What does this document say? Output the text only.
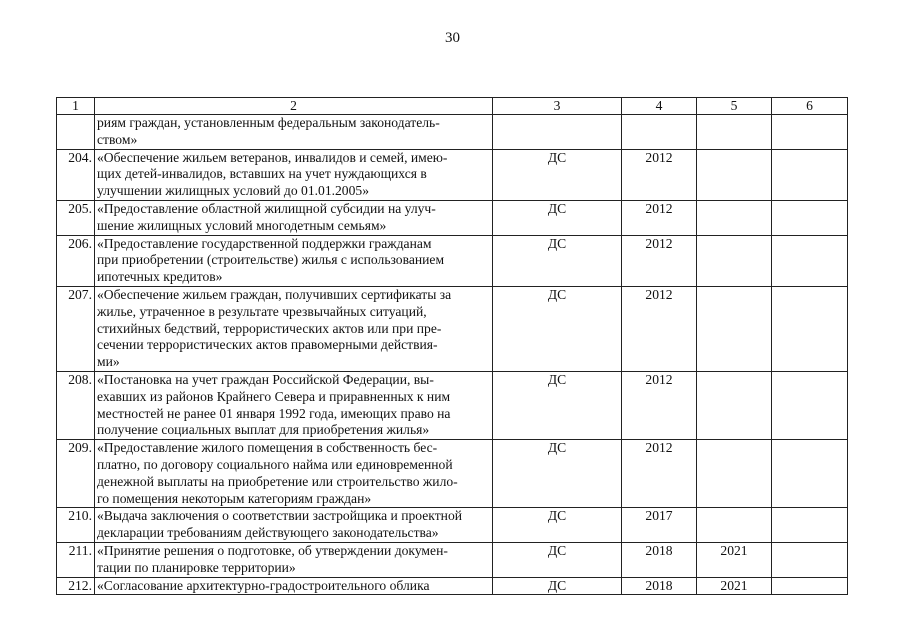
30
1	2	3	4	5	6
	риям граждан, установленным федеральным законодатель-
ством»				
204.	«Обеспечение жильем ветеранов, инвалидов и семей, имею-
щих детей-инвалидов, вставших на учет нуждающихся в
улучшении жилищных условий до 01.01.2005»	ДС	2012		
205.	«Предоставление областной жилищной субсидии на улуч-
шение жилищных условий многодетным семьям»	ДС	2012		
206.	«Предоставление государственной поддержки гражданам
при приобретении (строительстве) жилья с использованием
ипотечных кредитов»	ДС	2012		
207.	«Обеспечение жильем граждан, получивших сертификаты за
жилье, утраченное в результате чрезвычайных ситуаций,
стихийных бедствий, террористических актов или при пре-
сечении террористических актов правомерными действия-
ми»	ДС	2012		
208.	«Постановка на учет граждан Российской Федерации, вы-
ехавших из районов Крайнего Севера и приравненных к ним
местностей не ранее 01 января 1992 года, имеющих право на
получение социальных выплат для приобретения жилья»	ДС	2012		
209.	«Предоставление жилого помещения в собственность бес-
платно, по договору социального найма или единовременной
денежной выплаты на приобретение или строительство жило-
го помещения некоторым категориям граждан»	ДС	2012		
210.	«Выдача заключения о соответствии застройщика и проектной
декларации требованиям действующего законодательства»	ДС	2017		
211.	«Принятие решения о подготовке, об утверждении докумен-
тации по планировке территории»	ДС	2018	2021	
212.	«Согласование архитектурно-градостроительного облика	ДС	2018	2021	
